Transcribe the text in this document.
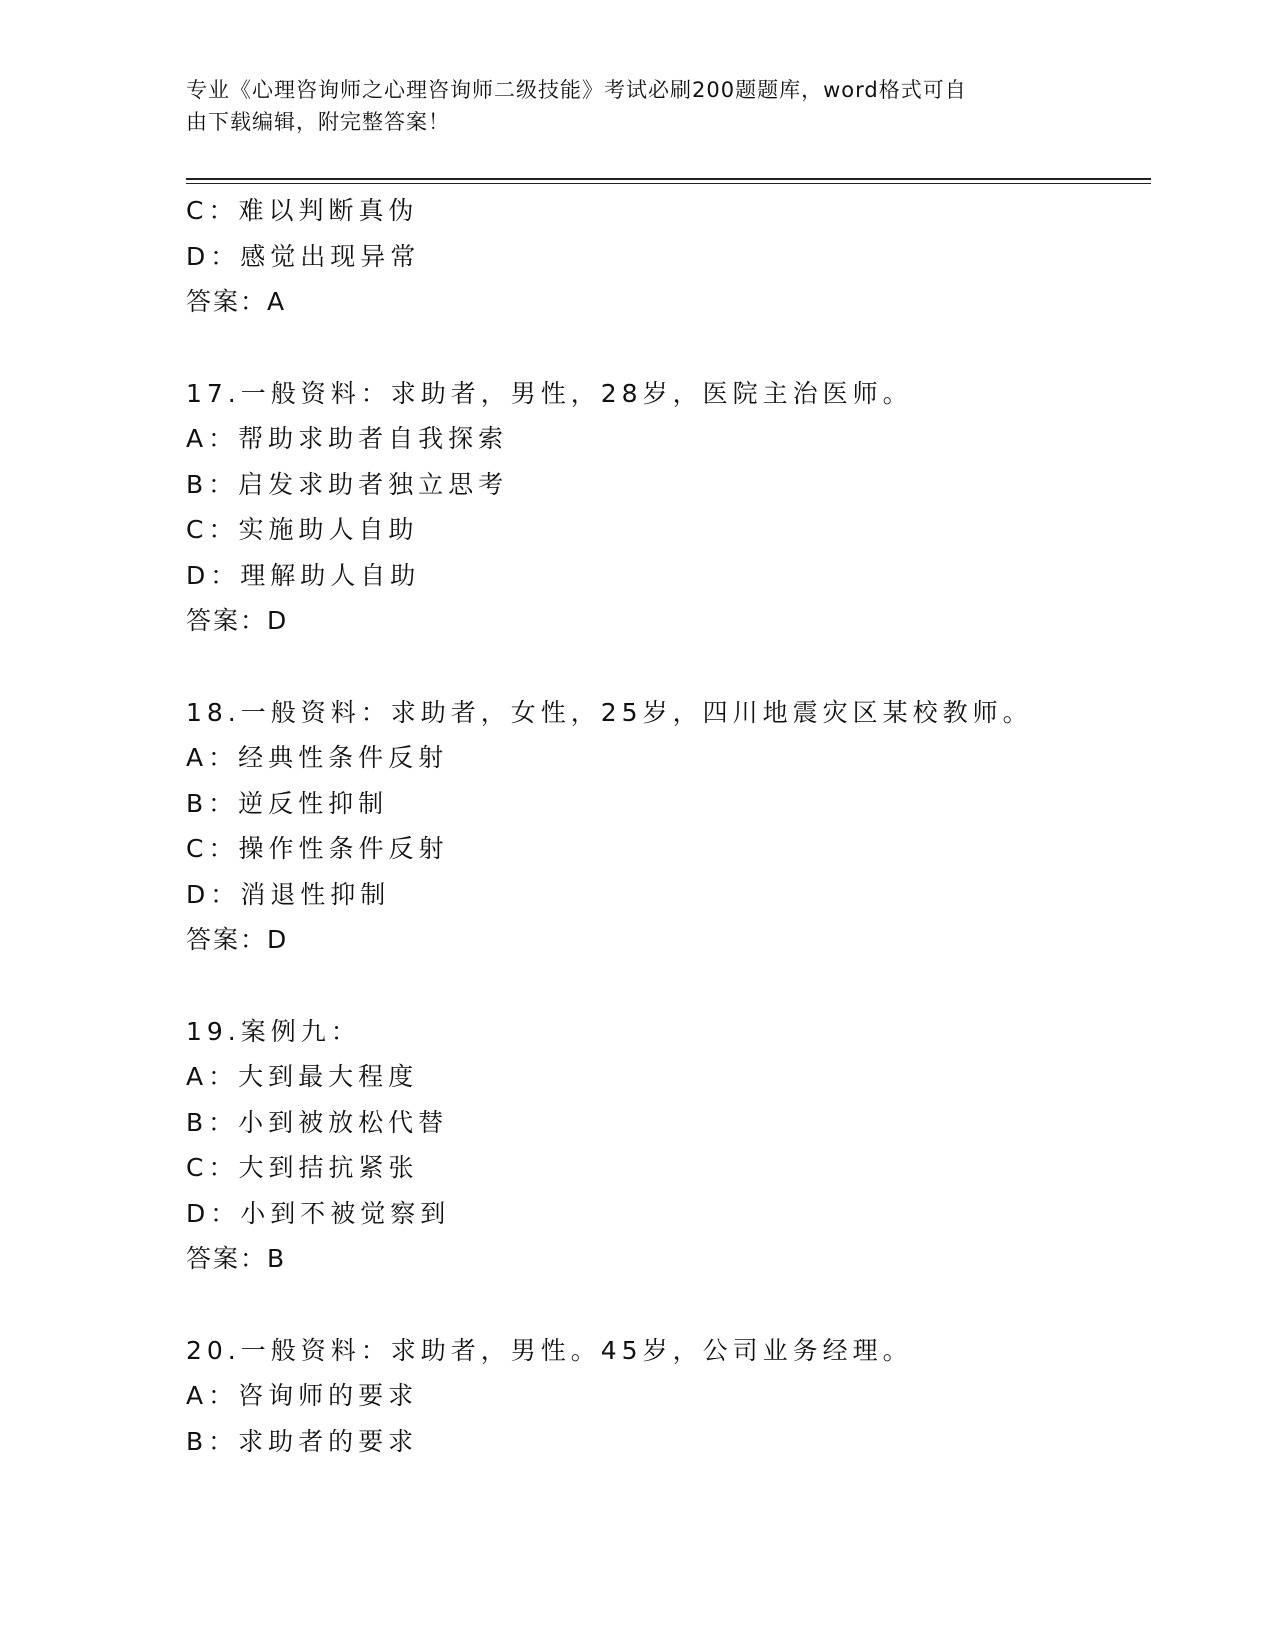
专业《心理咨询师之心理咨询师二级技能》考试必刷200题题库，word格式可自
由下载编辑，附完整答案！
C：难以判断真伪
D：感觉出现异常
答案：A
17.一般资料：求助者，男性，28岁，医院主治医师。
A：帮助求助者自我探索
B：启发求助者独立思考
C：实施助人自助
D：理解助人自助
答案：D
18.一般资料：求助者，女性，25岁，四川地震灾区某校教师。
A：经典性条件反射
B：逆反性抑制
C：操作性条件反射
D：消退性抑制
答案：D
19.案例九：
A：大到最大程度
B：小到被放松代替
C：大到拮抗紧张
D：小到不被觉察到
答案：B
20.一般资料：求助者，男性。45岁，公司业务经理。
A：咨询师的要求
B：求助者的要求
